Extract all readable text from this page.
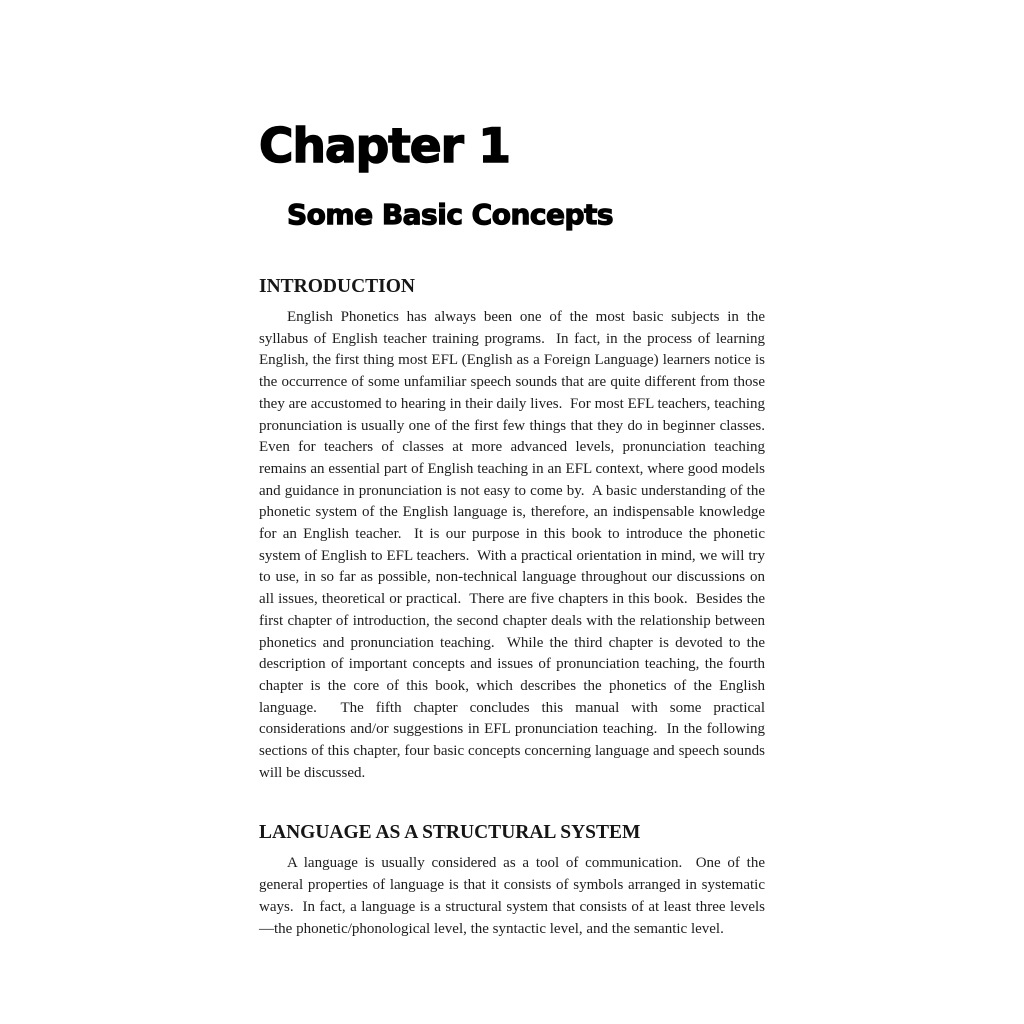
Chapter 1
Some Basic Concepts
INTRODUCTION

English Phonetics has always been one of the most basic subjects in the syllabus of English teacher training programs.  In fact, in the process of learning English, the first thing most EFL (English as a Foreign Language) learners notice is the occurrence of some unfamiliar speech sounds that are quite different from those they are accustomed to hearing in their daily lives.  For most EFL teachers, teaching pronunciation is usually one of the first few things that they do in beginner classes.  Even for teachers of classes at more advanced levels, pronunciation teaching remains an essential part of English teaching in an EFL context, where good models and guidance in pronunciation is not easy to come by.  A basic understanding of the phonetic system of the English language is, therefore, an indispensable knowledge for an English teacher.  It is our purpose in this book to introduce the phonetic system of English to EFL teachers.  With a practical orientation in mind, we will try to use, in so far as possible, non-technical language throughout our discussions on all issues, theoretical or practical.  There are five chapters in this book.  Besides the first chapter of introduction, the second chapter deals with the relationship between phonetics and pronunciation teaching.  While the third chapter is devoted to the description of important concepts and issues of pronunciation teaching, the fourth chapter is the core of this book, which describes the phonetics of the English language.  The fifth chapter concludes this manual with some practical considerations and/or suggestions in EFL pronunciation teaching.  In the following sections of this chapter, four basic concepts concerning language and speech sounds will be discussed.

LANGUAGE AS A STRUCTURAL SYSTEM

A language is usually considered as a tool of communication.  One of the general properties of language is that it consists of symbols arranged in systematic ways.  In fact, a language is a structural system that consists of at least three levels—the phonetic/phonological level, the syntactic level, and the semantic level.
